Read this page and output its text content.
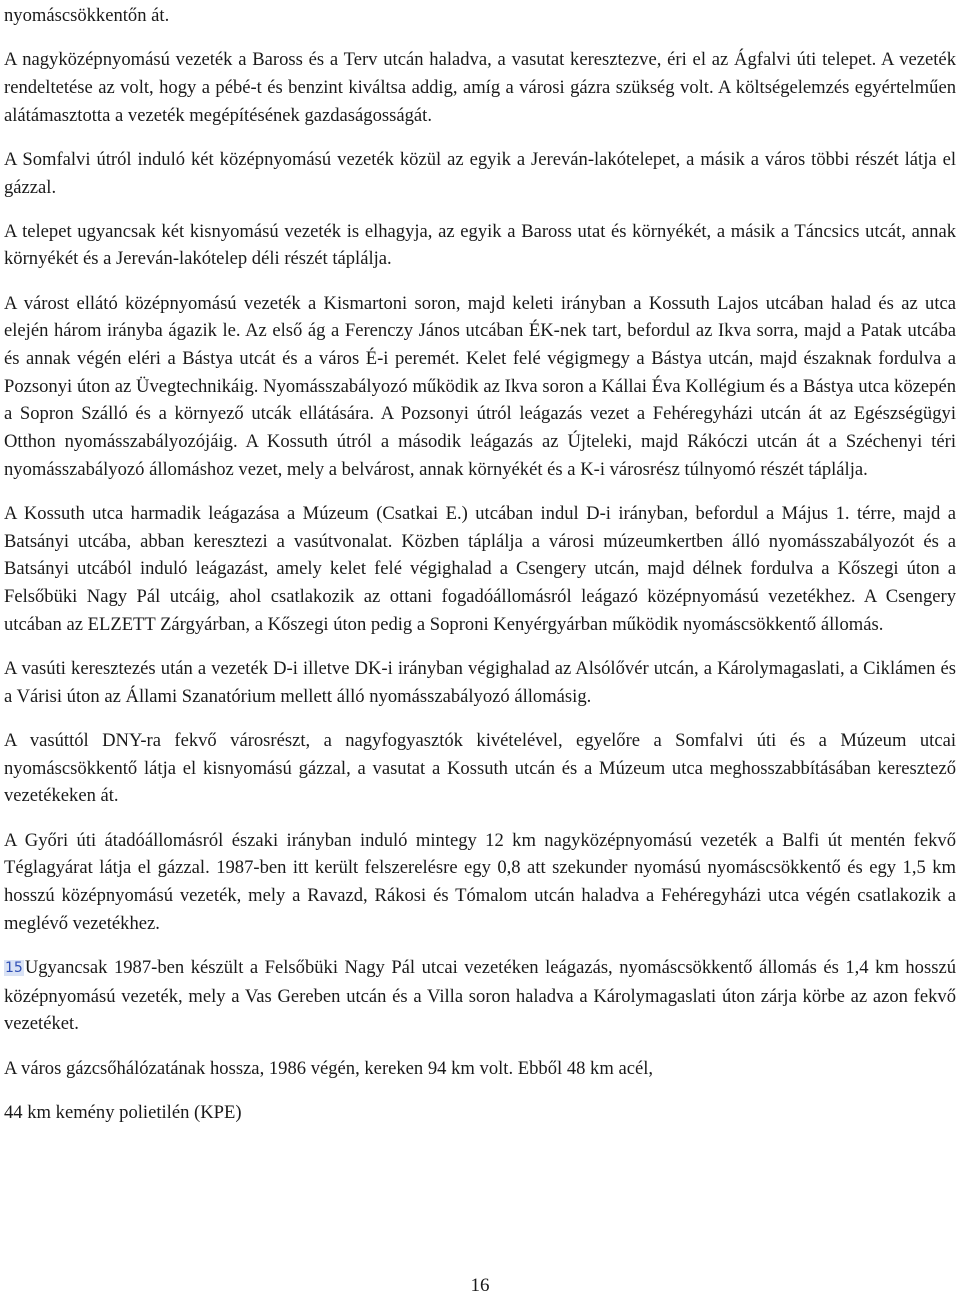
nyomáscsökkentőn át.

A nagyközépnyomású vezeték a Baross és a Terv utcán haladva, a vasutat keresztezve, éri el az Ágfalvi úti telepet. A vezeték rendeltetése az volt, hogy a pébé-t és benzint kiváltsa addig, amíg a városi gázra szükség volt. A költségelemzés egyértelműen alátámasztotta a vezeték megépítésének gazdaságosságát.

A Somfalvi útról induló két középnyomású vezeték közül az egyik a Jereván-lakótelepet, a másik a város többi részét látja el gázzal.

A telepet ugyancsak két kisnyomású vezeték is elhagyja, az egyik a Baross utat és környékét, a másik a Táncsics utcát, annak környékét és a Jereván-lakótelep déli részét táplálja.

A várost ellátó középnyomású vezeték a Kismartoni soron, majd keleti irányban a Kossuth Lajos utcában halad és az utca elején három irányba ágazik le. Az első ág a Ferenczy János utcában ÉK-nek tart, befordul az Ikva sorra, majd a Patak utcába és annak végén eléri a Bástya utcát és a város É-i peremét. Kelet felé végigmegy a Bástya utcán, majd északnak fordulva a Pozsonyi úton az Üvegtechnikáig. Nyomásszabályozó működik az Ikva soron a Kállai Éva Kollégium és a Bástya utca közepén a Sopron Szálló és a környező utcák ellátására. A Pozsonyi útról leágazás vezet a Fehéregyházi utcán át az Egészségügyi Otthon nyomásszabályozójáig. A Kossuth útról a második leágazás az Újteleki, majd Rákóczi utcán át a Széchenyi téri nyomásszabályozó állomáshoz vezet, mely a belvárost, annak környékét és a K-i városrész túlnyomó részét táplálja.

A Kossuth utca harmadik leágazása a Múzeum (Csatkai E.) utcában indul D-i irányban, befordul a Május 1. térre, majd a Batsányi utcába, abban keresztezi a vasútvonalat. Közben táplálja a városi múzeumkertben álló nyomásszabályozót és a Batsányi utcából induló leágazást, amely kelet felé végighalad a Csengery utcán, majd délnek fordulva a Kőszegi úton a Felsőbüki Nagy Pál utcáig, ahol csatlakozik az ottani fogadóállomásról leágazó középnyomású vezetékhez. A Csengery utcában az ELZETT Zárgyárban, a Kőszegi úton pedig a Soproni Kenyérgyárban működik nyomáscsökkentő állomás.

A vasúti keresztezés után a vezeték D-i illetve DK-i irányban végighalad az Alsólővér utcán, a Károlymagaslati, a Ciklámen és a Várisi úton az Állami Szanatórium mellett álló nyomásszabályozó állomásig.

A vasúttól DNY-ra fekvő városrészt, a nagyfogyasztók kivételével, egyelőre a Somfalvi úti és a Múzeum utcai nyomáscsökkentő látja el kisnyomású gázzal, a vasutat a Kossuth utcán és a Múzeum utca meghosszabbításában keresztező vezetékeken át.

A Győri úti átadóállomásról északi irányban induló mintegy 12 km nagyközépnyomású vezeték a Balfi út mentén fekvő Téglagyárat látja el gázzal. 1987-ben itt került felszerelésre egy 0,8 att szekunder nyomású nyomáscsökkentő és egy 1,5 km hosszú középnyomású vezeték, mely a Ravazd, Rákosi és Tómalom utcán haladva a Fehéregyházi utca végén csatlakozik a meglévő vezetékhez.

15 Ugyancsak 1987-ben készült a Felsőbüki Nagy Pál utcai vezetéken leágazás, nyomáscsökkentő állomás és 1,4 km hosszú középnyomású vezeték, mely a Vas Gereben utcán és a Villa soron haladva a Károlymagaslati úton zárja körbe az azon fekvő vezetéket.

A város gázcsőhálózatának hossza, 1986 végén, kereken 94 km volt. Ebből 48 km acél,

44 km kemény polietilén (KPE)

16
